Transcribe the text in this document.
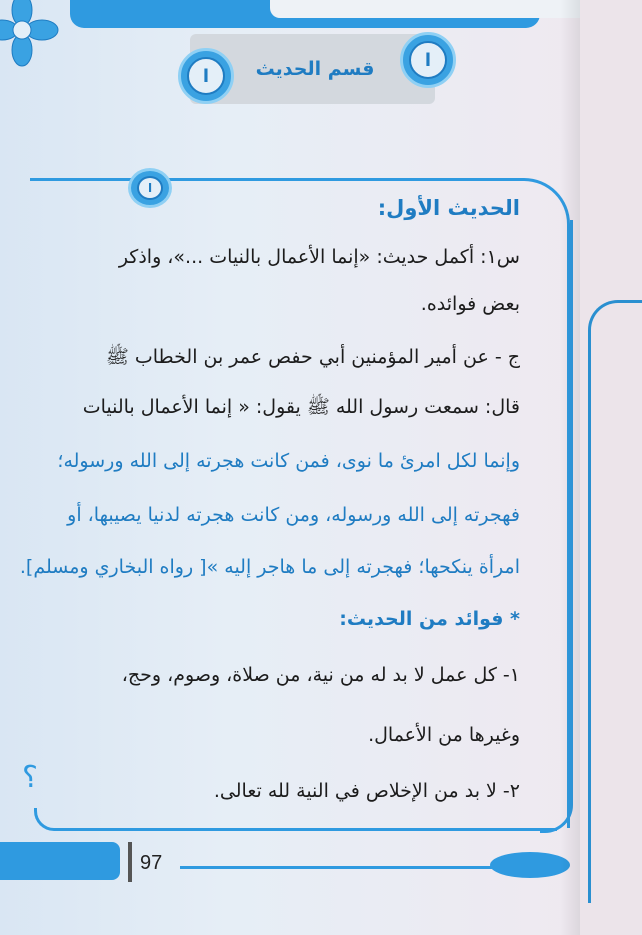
ا
ا
قسم الحديث
ا
؟
الحديث الأول:
س١: أكمل حديث: «إنما الأعمال بالنيات ...»، واذكر
بعض فوائده.
ج - عن أمير المؤمنين أبي حفص عمر بن الخطاب ﷺ
قال: سمعت رسول الله ﷺ يقول: « إنما الأعمال بالنيات
وإنما لكل امرئ ما نوى، فمن كانت هجرته إلى الله ورسوله؛
فهجرته إلى الله ورسوله، ومن كانت هجرته لدنيا يصيبها، أو
امرأة ينكحها؛ فهجرته إلى ما هاجر إليه »[ رواه البخاري ومسلم].
* فوائد من الحديث:
١- كل عمل لا بد له من نية، من صلاة، وصوم، وحج،
وغيرها من الأعمال.
٢- لا بد من الإخلاص في النية لله تعالى.
97
